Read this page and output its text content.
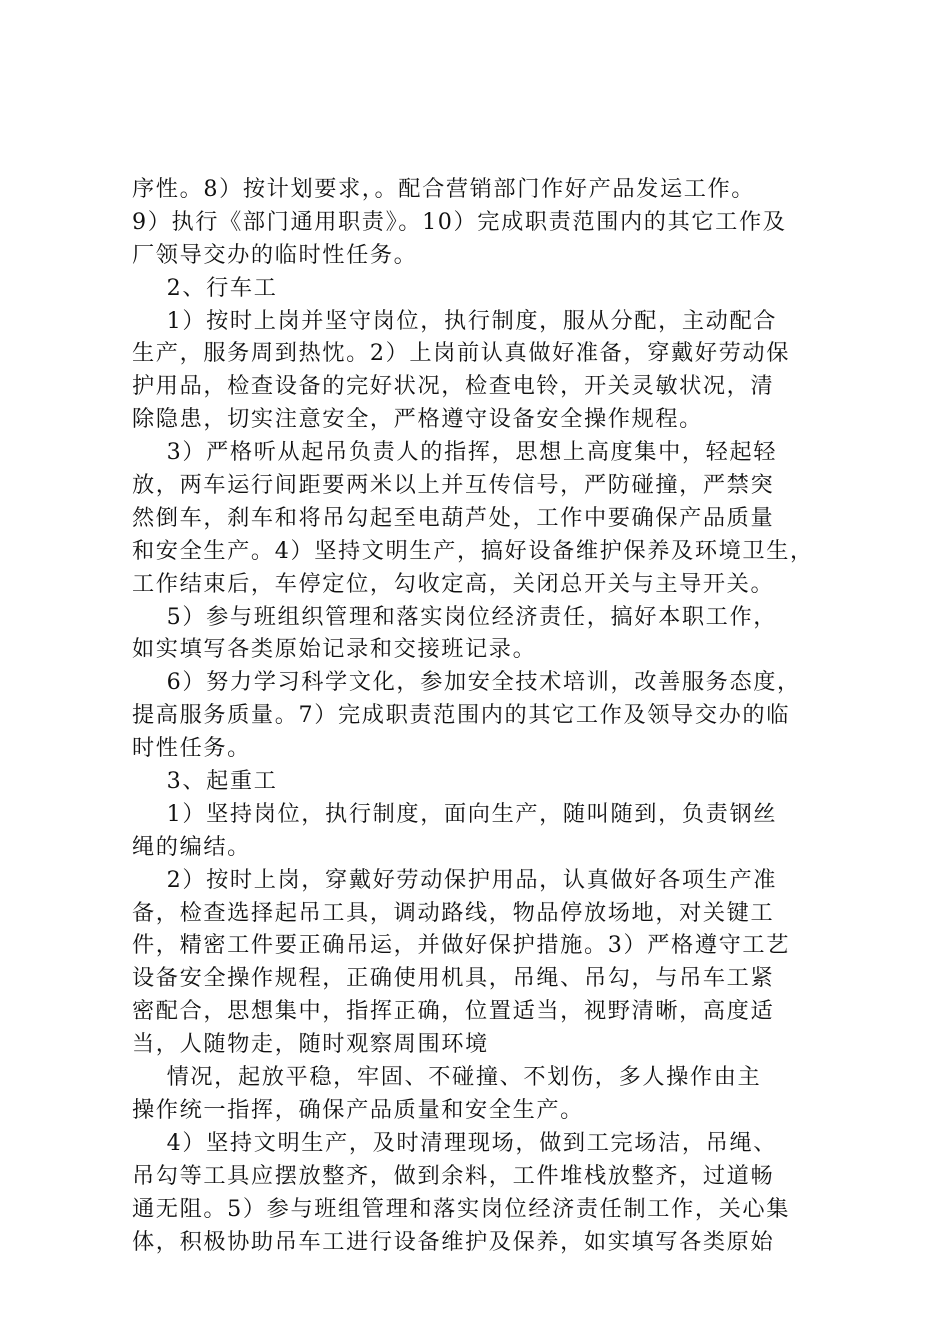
序性。8）按计划要求，。配合营销部门作好产品发运工作。
9）执行《部门通用职责》。10）完成职责范围内的其它工作及
厂领导交办的临时性任务。
2、行车工
1）按时上岗并坚守岗位，执行制度，服从分配，主动配合
生产，服务周到热忱。2）上岗前认真做好准备，穿戴好劳动保
护用品，检查设备的完好状况，检查电铃，开关灵敏状况，清
除隐患，切实注意安全，严格遵守设备安全操作规程。
3）严格听从起吊负责人的指挥，思想上高度集中，轻起轻
放，两车运行间距要两米以上并互传信号，严防碰撞，严禁突
然倒车，刹车和将吊勾起至电葫芦处，工作中要确保产品质量
和安全生产。4）坚持文明生产，搞好设备维护保养及环境卫生，
工作结束后，车停定位，勾收定高，关闭总开关与主导开关。
5）参与班组织管理和落实岗位经济责任，搞好本职工作，
如实填写各类原始记录和交接班记录。
6）努力学习科学文化，参加安全技术培训，改善服务态度，
提高服务质量。7）完成职责范围内的其它工作及领导交办的临
时性任务。
3、起重工
1）坚持岗位，执行制度，面向生产，随叫随到，负责钢丝
绳的编结。
2）按时上岗，穿戴好劳动保护用品，认真做好各项生产准
备，检查选择起吊工具，调动路线，物品停放场地，对关键工
件，精密工件要正确吊运，并做好保护措施。3）严格遵守工艺
设备安全操作规程，正确使用机具，吊绳、吊勾，与吊车工紧
密配合，思想集中，指挥正确，位置适当，视野清晰，高度适
当，人随物走，随时观察周围环境
情况，起放平稳，牢固、不碰撞、不划伤，多人操作由主
操作统一指挥，确保产品质量和安全生产。
4）坚持文明生产，及时清理现场，做到工完场洁，吊绳、
吊勾等工具应摆放整齐，做到余料，工件堆栈放整齐，过道畅
通无阻。5）参与班组管理和落实岗位经济责任制工作，关心集
体，积极协助吊车工进行设备维护及保养，如实填写各类原始
